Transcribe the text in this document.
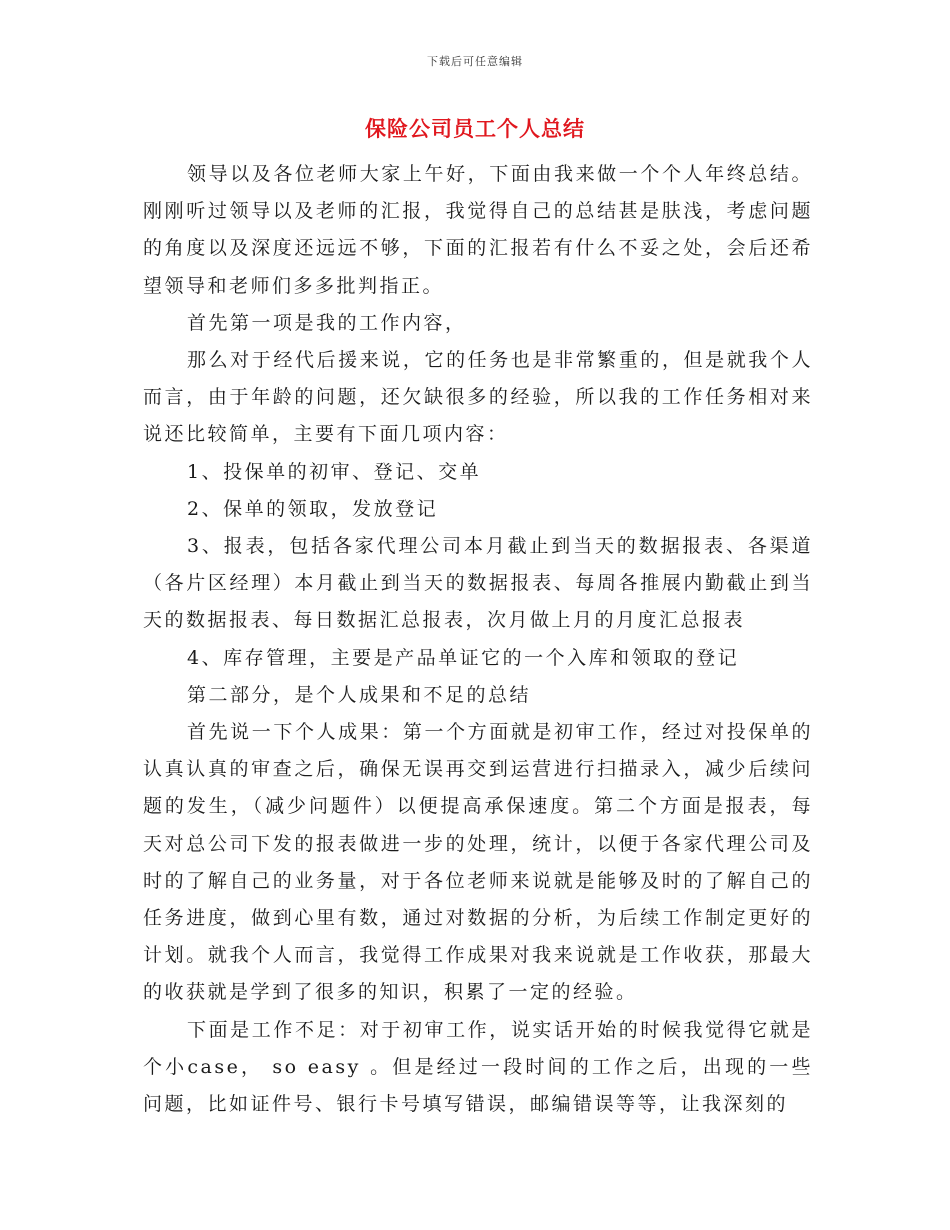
下载后可任意编辑
保险公司员工个人总结

领导以及各位老师大家上午好，下面由我来做一个个人年终总结。刚刚听过领导以及老师的汇报，我觉得自己的总结甚是肤浅，考虑问题的角度以及深度还远远不够，下面的汇报若有什么不妥之处，会后还希望领导和老师们多多批判指正。

首先第一项是我的工作内容，

那么对于经代后援来说，它的任务也是非常繁重的，但是就我个人而言，由于年龄的问题，还欠缺很多的经验，所以我的工作任务相对来说还比较简单，主要有下面几项内容：

1、投保单的初审、登记、交单

2、保单的领取，发放登记

3、报表，包括各家代理公司本月截止到当天的数据报表、各渠道（各片区经理）本月截止到当天的数据报表、每周各推展内勤截止到当天的数据报表、每日数据汇总报表，次月做上月的月度汇总报表

4、库存管理，主要是产品单证它的一个入库和领取的登记

第二部分，是个人成果和不足的总结

首先说一下个人成果：第一个方面就是初审工作，经过对投保单的认真认真的审查之后，确保无误再交到运营进行扫描录入，减少后续问题的发生，（减少问题件）以便提高承保速度。第二个方面是报表，每天对总公司下发的报表做进一步的处理，统计，以便于各家代理公司及时的了解自己的业务量，对于各位老师来说就是能够及时的了解自己的任务进度，做到心里有数，通过对数据的分析，为后续工作制定更好的计划。就我个人而言，我觉得工作成果对我来说就是工作收获，那最大的收获就是学到了很多的知识，积累了一定的经验。

下面是工作不足：对于初审工作，说实话开始的时候我觉得它就是个小case， so easy 。但是经过一段时间的工作之后，出现的一些问题，比如证件号、银行卡号填写错误，邮编错误等等，让我深刻的
